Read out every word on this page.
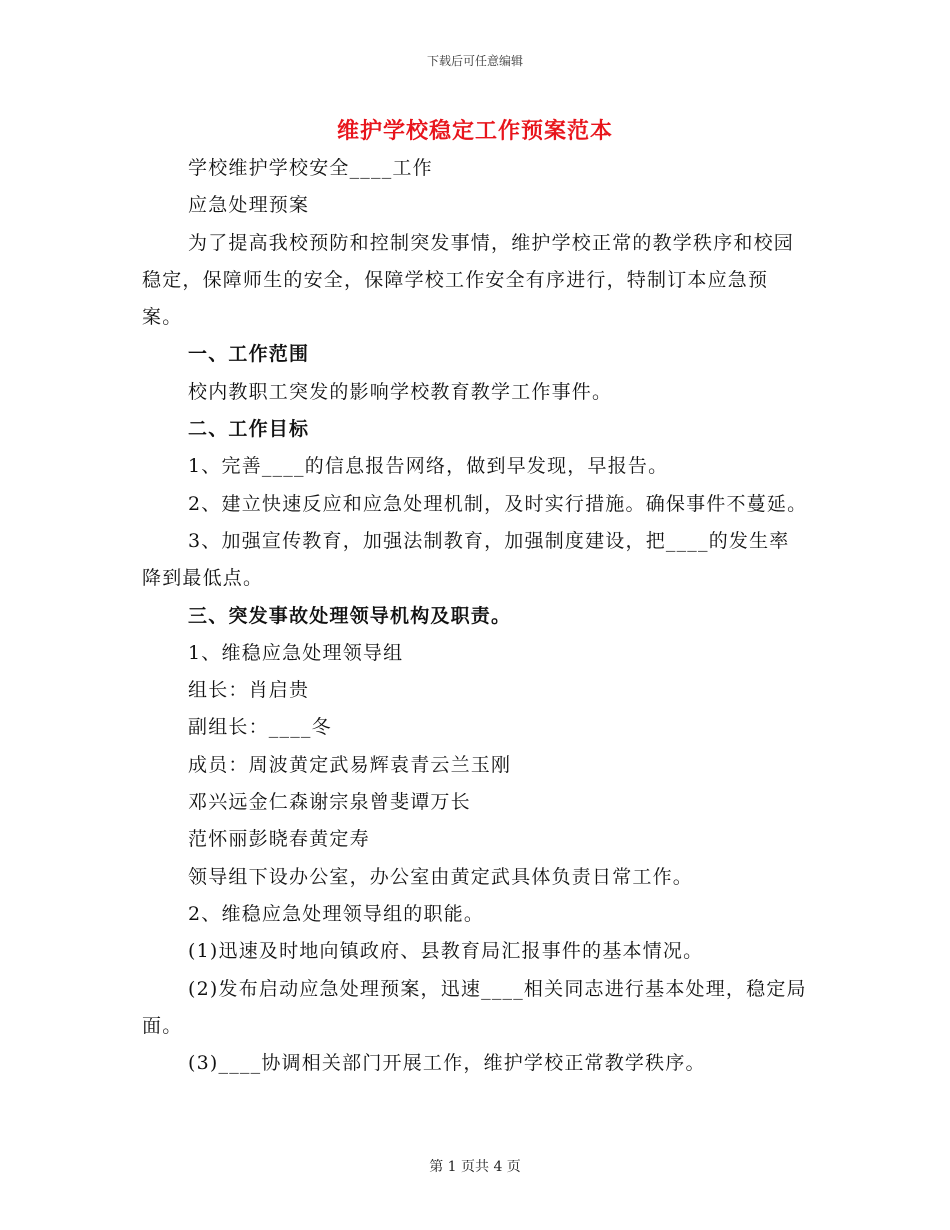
下载后可任意编辑
维护学校稳定工作预案范本

学校维护学校安全____工作

应急处理预案

为了提高我校预防和控制突发事情，维护学校正常的教学秩序和校园稳定，保障师生的安全，保障学校工作安全有序进行，特制订本应急预案。

一、工作范围

校内教职工突发的影响学校教育教学工作事件。

二、工作目标

1、完善____的信息报告网络，做到早发现，早报告。

2、建立快速反应和应急处理机制，及时实行措施。确保事件不蔓延。

3、加强宣传教育，加强法制教育，加强制度建设，把____的发生率降到最低点。

三、突发事故处理领导机构及职责。

1、维稳应急处理领导组

组长：肖启贵

副组长：____冬

成员：周波黄定武易辉袁青云兰玉刚

邓兴远金仁森谢宗泉曾斐谭万长

范怀丽彭晓春黄定寿

领导组下设办公室，办公室由黄定武具体负责日常工作。

2、维稳应急处理领导组的职能。

(1)迅速及时地向镇政府、县教育局汇报事件的基本情况。

(2)发布启动应急处理预案，迅速____相关同志进行基本处理，稳定局面。

(3)____协调相关部门开展工作，维护学校正常教学秩序。

第 1 页共 4 页
